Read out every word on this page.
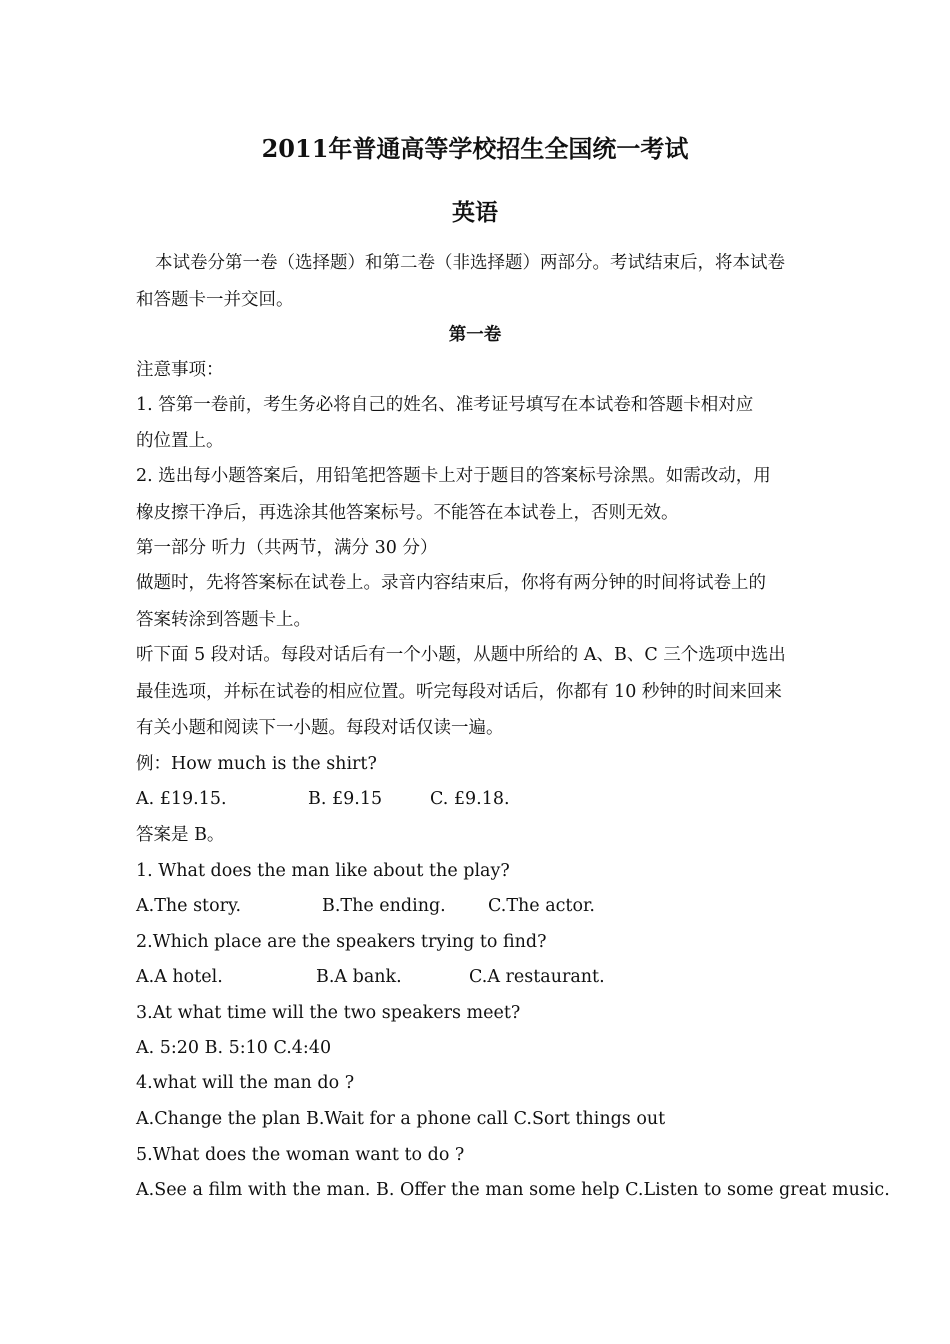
2011年普通高等学校招生全国统一考试
英语
本试卷分第一卷（选择题）和第二卷（非选择题）两部分。考试结束后，将本试卷
和答题卡一并交回。
第一卷
注意事项：
1. 答第一卷前，考生务必将自己的姓名、准考证号填写在本试卷和答题卡相对应
的位置上。
2. 选出每小题答案后，用铅笔把答题卡上对于题目的答案标号涂黑。如需改动，用
橡皮擦干净后，再选涂其他答案标号。不能答在本试卷上，否则无效。
第一部分 听力（共两节，满分 30 分）
做题时，先将答案标在试卷上。录音内容结束后，你将有两分钟的时间将试卷上的
答案转涂到答题卡上。
听下面 5 段对话。每段对话后有一个小题，从题中所给的 A、B、C 三个选项中选出
最佳选项，并标在试卷的相应位置。听完每段对话后，你都有 10 秒钟的时间来回来
有关小题和阅读下一小题。每段对话仅读一遍。
例：How much is the shirt?
A. £19.15.	B. £9.15	C. £9.18.
答案是 B。
1. What does the man like about the play?
A.The story.	B.The ending. C.The actor.
2.Which place are the speakers trying to find?
A.A hotel.	B.A bank.	C.A restaurant.
3.At what time will the two speakers meet?
A. 5:20 B. 5:10 C.4:40
4.what will the man do ?
A.Change the plan B.Wait for a phone call C.Sort things out
5.What does the woman want to do ?
A.See a film with the man. B. Offer the man some help C.Listen to some great music.
